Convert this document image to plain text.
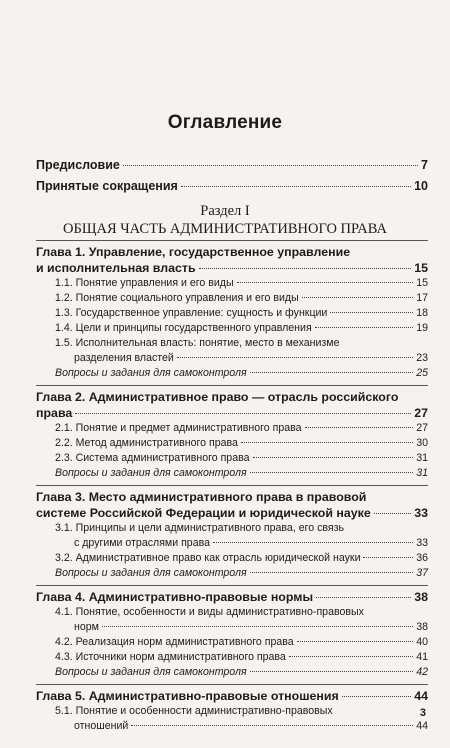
Оглавление
Предисловие	7
Принятые сокращения	10
Раздел I
ОБЩАЯ ЧАСТЬ АДМИНИСТРАТИВНОГО ПРАВА
Глава 1. Управление, государственное управление
и исполнительная власть	15
1.1. Понятие управления и его виды	15
1.2. Понятие социального управления и его виды	17
1.3. Государственное управление: сущность и функции	18
1.4. Цели и принципы государственного управления	19
1.5. Исполнительная власть: понятие, место в механизме
разделения властей	23
Вопросы и задания для самоконтроля	25
Глава 2. Административное право — отрасль российского
права	27
2.1. Понятие и предмет административного права	27
2.2. Метод административного права	30
2.3. Система административного права	31
Вопросы и задания для самоконтроля	31
Глава 3. Место административного права в правовой
системе Российской Федерации и юридической науке	33
3.1. Принципы и цели административного права, его связь
с другими отраслями права	33
3.2. Административное право как отрасль юридической науки	36
Вопросы и задания для самоконтроля	37
Глава 4. Административно-правовые нормы	38
4.1. Понятие, особенности и виды административно-правовых
норм	38
4.2. Реализация норм административного права	40
4.3. Источники норм административного права	41
Вопросы и задания для самоконтроля	42
Глава 5. Административно-правовые отношения	44
5.1. Понятие и особенности административно-правовых
отношений	44
3
